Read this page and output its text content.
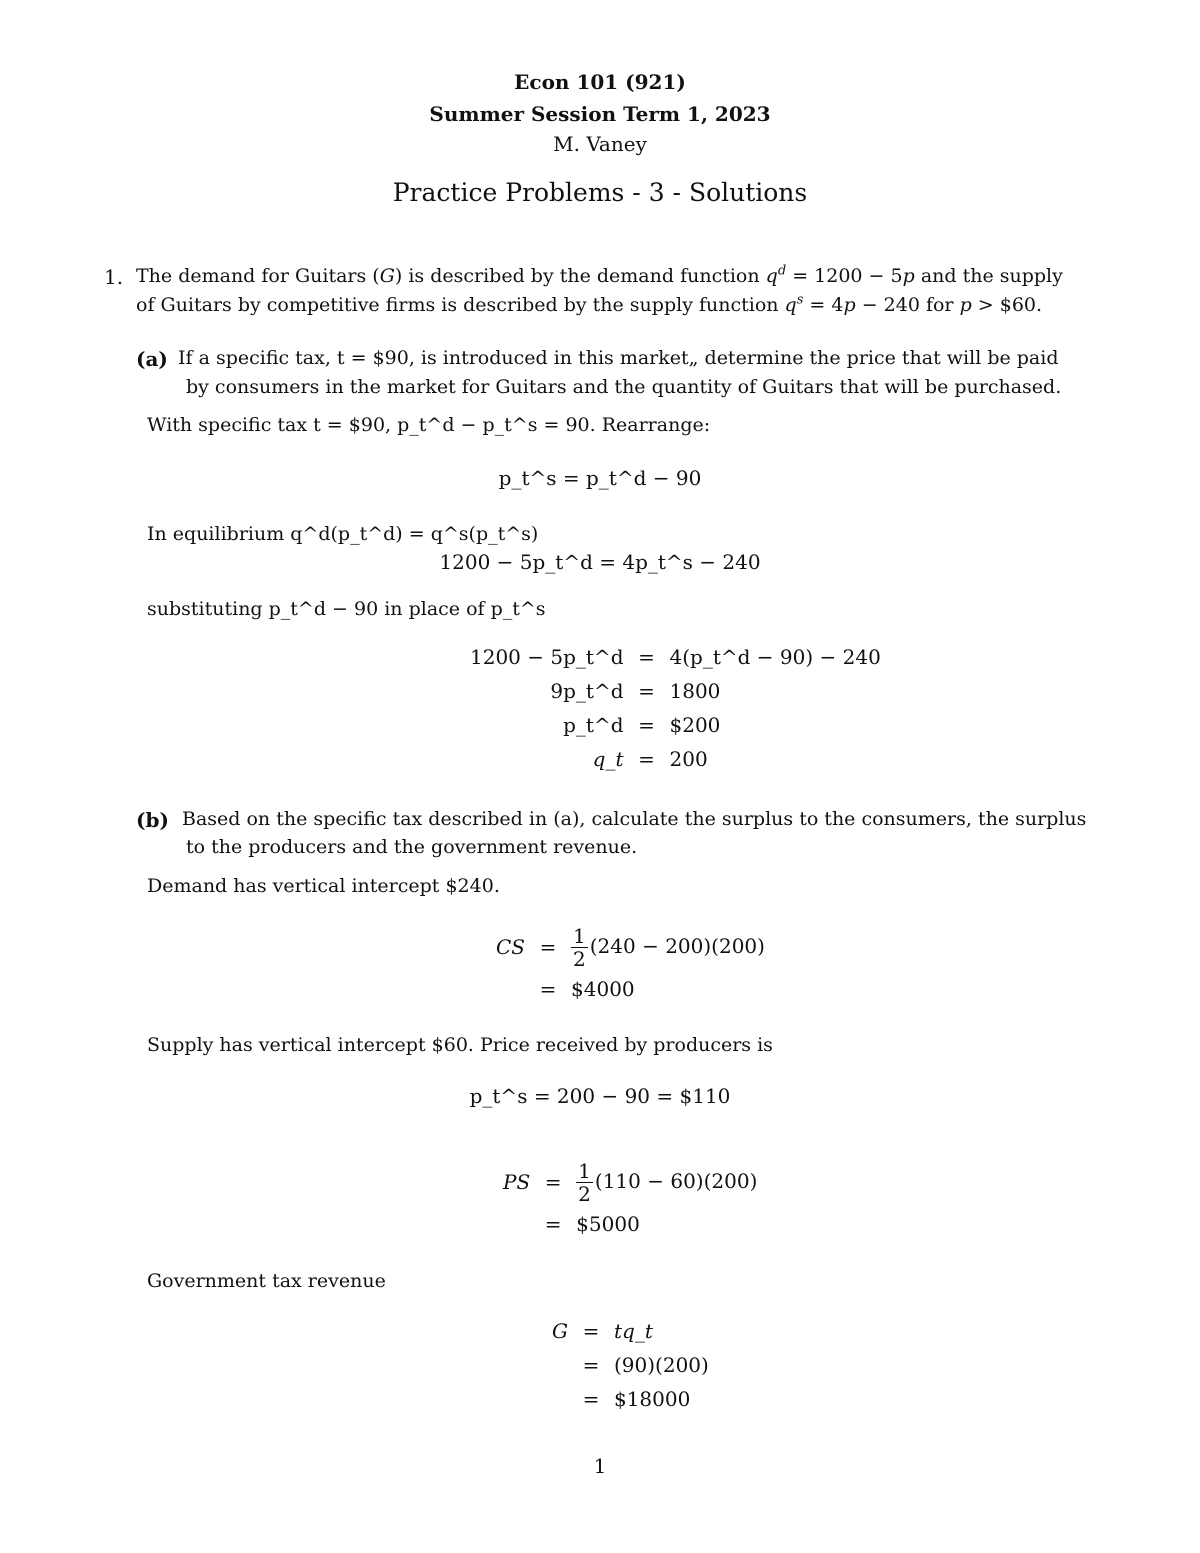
Econ 101 (921)
Summer Session Term 1, 2023
M. Vaney
Practice Problems - 3 - Solutions
1. The demand for Guitars (G) is described by the demand function $q^d = 1200 - 5p$ and the supply
of Guitars by competitive firms is described by the supply function $q^s = 4p - 240$ for p > $60.
(a) If a specific tax, t = $90, is introduced in this market„ determine the price that will be paid
by consumers in the market for Guitars and the quantity of Guitars that will be purchased.
With specific tax t = $90, p_t^d − p_t^s = 90. Rearrange:
p_t^s = p_t^d − 90
In equilibrium q^d(p_t^d) = q^s(p_t^s)
1200 − 5p_t^d = 4p_t^s − 240
substituting p_t^d − 90 in place of p_t^s
1200 − 5p_t^d	=	4(p_t^d − 90) − 240
9p_t^d	=	1800
p_t^d	=	$200
q_t	=	200
(b) Based on the specific tax described in (a), calculate the surplus to the consumers, the surplus
to the producers and the government revenue.
Demand has vertical intercept $240.
CS	=	$\frac{1}{2} (240 - 200)(200)$
	=	$4000
Supply has vertical intercept $60. Price received by producers is
p_t^s = 200 − 90 = $110
PS	=	$\frac{1}{2} (110 - 60)(200)$
	=	$5000
Government tax revenue
G	=	tq_t
	=	(90)(200)
	=	$18000
1
